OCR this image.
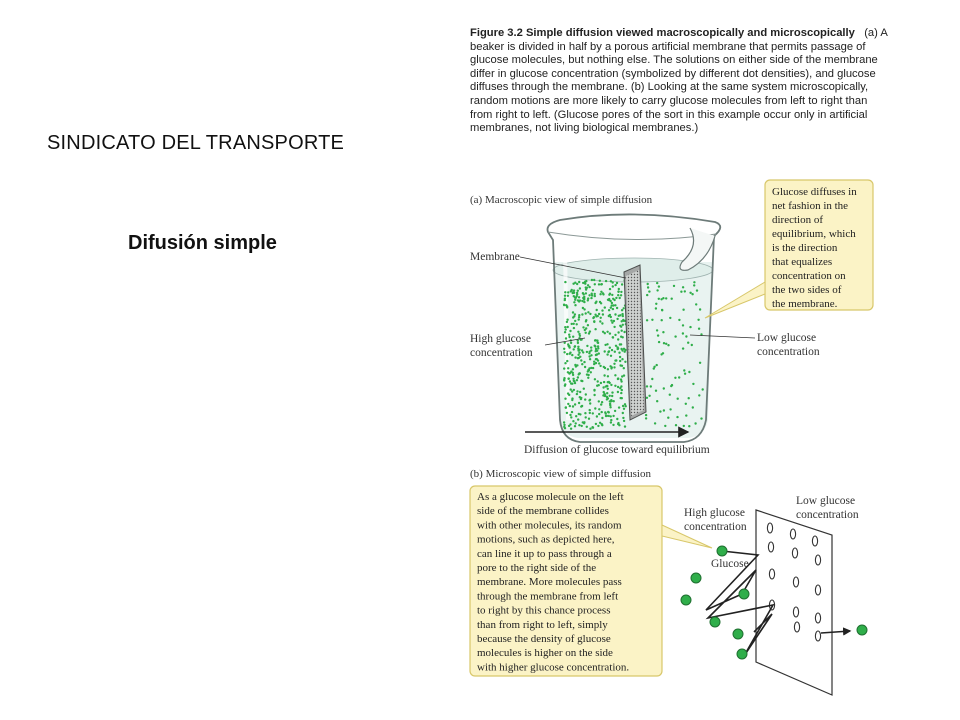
SINDICATO DEL TRANSPORTE
Difusión simple
Figure 3.2 Simple diffusion viewed macroscopically and microscopically (a) A beaker is divided in half by a porous artificial membrane that permits passage of glucose molecules, but nothing else. The solutions on either side of the membrane differ in glucose concentration (symbolized by different dot densities), and glucose diffuses through the membrane. (b) Looking at the same system microscopically, random motions are more likely to carry glucose molecules from left to right than from right to left. (Glucose pores of the sort in this example occur only in artificial membranes, not living biological membranes.)
(a) Macroscopic view of simple diffusion
Membrane
High glucose
concentration
Low glucose
concentration
Glucose diffuses in
net fashion in the
direction of
equilibrium, which
is the direction
that equalizes
concentration on
the two sides of
the membrane.
Diffusion of glucose toward equilibrium
(b) Microscopic view of simple diffusion
As a glucose molecule on the left
side of the membrane collides
with other molecules, its random
motions, such as depicted here,
can line it up to pass through a
pore to the right side of the
membrane. More molecules pass
through the membrane from left
to right by this chance process
than from right to left, simply
because the density of glucose
molecules is higher on the side
with higher glucose concentration.
High glucose
concentration
Low glucose
concentration
Glucose
